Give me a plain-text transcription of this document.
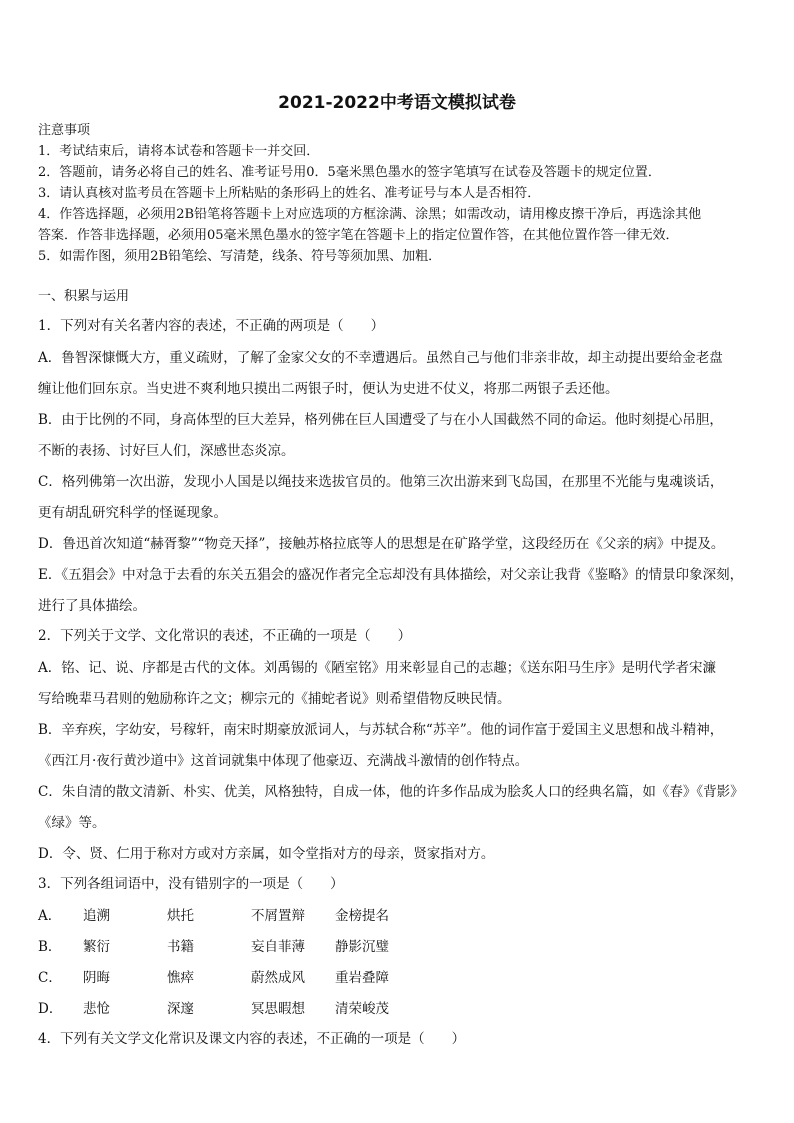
2021-2022中考语文模拟试卷
注意事项
1．考试结束后，请将本试卷和答题卡一并交回．
2．答题前，请务必将自己的姓名、准考证号用0．5毫米黑色墨水的签字笔填写在试卷及答题卡的规定位置．
3．请认真核对监考员在答题卡上所粘贴的条形码上的姓名、准考证号与本人是否相符．
4．作答选择题，必须用2B铅笔将答题卡上对应选项的方框涂满、涂黑；如需改动，请用橡皮擦干净后，再选涂其他
答案．作答非选择题，必须用05毫米黑色墨水的签字笔在答题卡上的指定位置作答，在其他位置作答一律无效．
5．如需作图，须用2B铅笔绘、写清楚，线条、符号等须加黑、加粗．
一、积累与运用
1．下列对有关名著内容的表述，不正确的两项是（　　）
A．鲁智深慷慨大方，重义疏财，了解了金家父女的不幸遭遇后。虽然自己与他们非亲非故，却主动提出要给金老盘
缠让他们回东京。当史进不爽利地只摸出二两银子时，便认为史进不仗义，将那二两银子丢还他。
B．由于比例的不同，身高体型的巨大差异，格列佛在巨人国遭受了与在小人国截然不同的命运。他时刻提心吊胆，
不断的表扬、讨好巨人们，深感世态炎凉。
C．格列佛第一次出游，发现小人国是以绳技来选拔官员的。他第三次出游来到飞岛国，在那里不光能与鬼魂谈话，
更有胡乱研究科学的怪诞现象。
D．鲁迅首次知道“赫胥黎”“物竞天择”，接触苏格拉底等人的思想是在矿路学堂，这段经历在《父亲的病》中提及。
E．《五猖会》中对急于去看的东关五猖会的盛况作者完全忘却没有具体描绘，对父亲让我背《鉴略》的情景印象深刻，
进行了具体描绘。
2．下列关于文学、文化常识的表述，不正确的一项是（　　）
A．铭、记、说、序都是古代的文体。刘禹锡的《陋室铭》用来彰显自己的志趣；《送东阳马生序》是明代学者宋濂
写给晚辈马君则的勉励称许之文；柳宗元的《捕蛇者说》则希望借物反映民情。
B．辛弃疾，字幼安，号稼轩，南宋时期豪放派词人，与苏轼合称“苏辛”。他的词作富于爱国主义思想和战斗精神，
《西江月·夜行黄沙道中》这首词就集中体现了他豪迈、充满战斗激情的创作特点。
C．朱自清的散文清新、朴实、优美，风格独特，自成一体，他的许多作品成为脍炙人口的经典名篇，如《春》《背影》
《绿》等。
D．令、贤、仁用于称对方或对方亲属，如令堂指对方的母亲，贤家指对方。
3．下列各组词语中，没有错别字的一项是（　　）
A．	追溯	烘托	不屑置辩	金榜提名
B．	繁衍	书籍	妄自菲薄	静影沉璧
C．	阴晦	憔瘁	蔚然成风	重岩叠障
D．	悲怆	深邃	冥思暇想	清荣峻茂
4．下列有关文学文化常识及课文内容的表述，不正确的一项是（　　）
